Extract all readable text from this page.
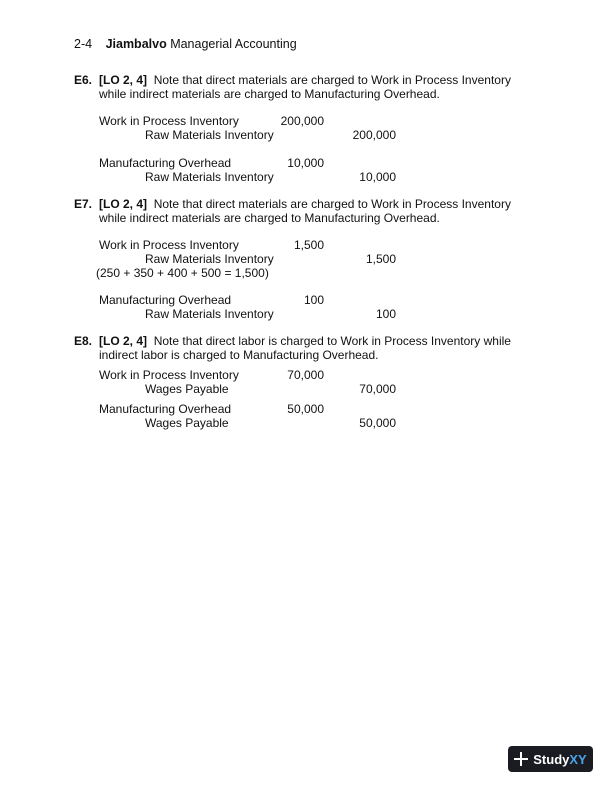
2-4 Jiambalvo Managerial Accounting
E6. [LO 2, 4] Note that direct materials are charged to Work in Process Inventory while indirect materials are charged to Manufacturing Overhead.
Work in Process Inventory	200,000
Raw Materials Inventory	200,000
Manufacturing Overhead	10,000
Raw Materials Inventory	10,000
E7. [LO 2, 4] Note that direct materials are charged to Work in Process Inventory while indirect materials are charged to Manufacturing Overhead.
Work in Process Inventory	1,500
Raw Materials Inventory	1,500
(250 + 350 + 400 + 500 = 1,500)
Manufacturing Overhead	100
Raw Materials Inventory	100
E8. [LO 2, 4] Note that direct labor is charged to Work in Process Inventory while indirect labor is charged to Manufacturing Overhead.
Work in Process Inventory	70,000
Wages Payable	70,000
Manufacturing Overhead	50,000
Wages Payable	50,000
StudyXY
